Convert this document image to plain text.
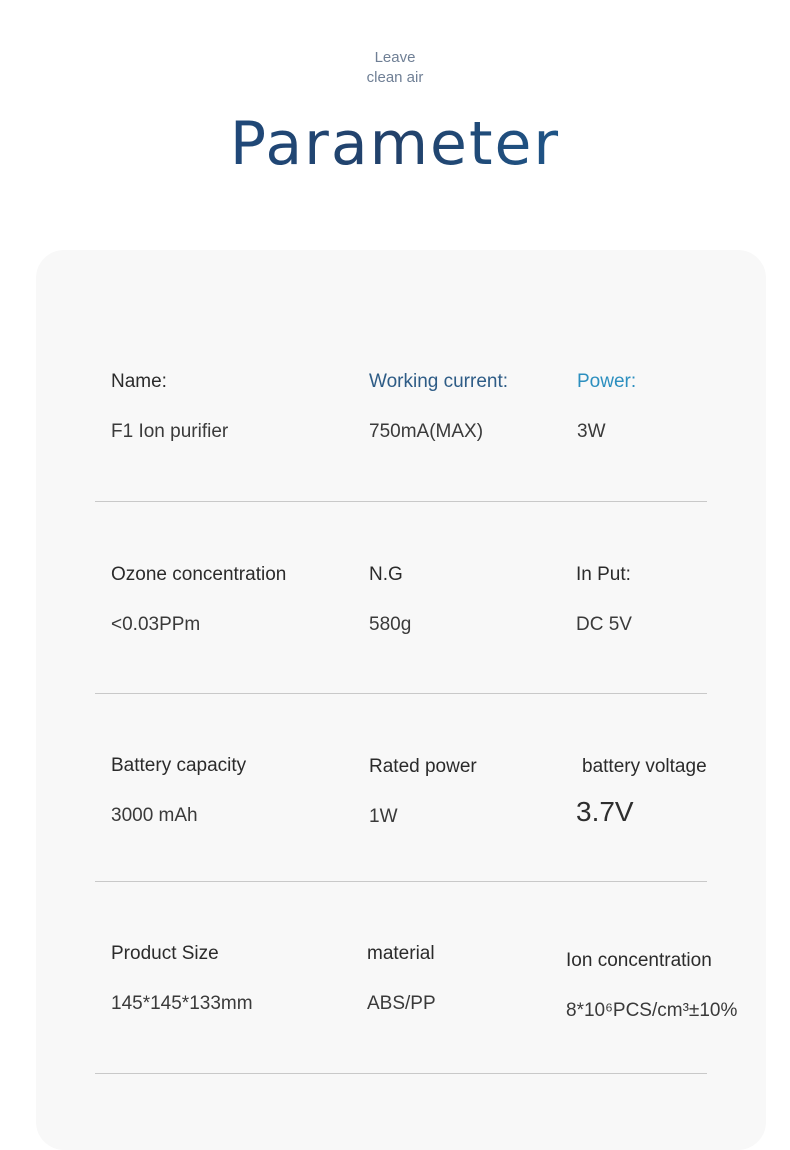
Leave
clean air
Parameter
Name:
F1 Ion purifier
Working current:
750mA(MAX)
Power:
3W
Ozone concentration
<0.03PPm
N.G
580g
In Put:
DC 5V
Battery capacity
3000 mAh
Rated power
1W
battery voltage
3.7V
Product Size
145*145*133mm
material
ABS/PP
Ion concentration
8*10⁶PCS/cm³±10%
